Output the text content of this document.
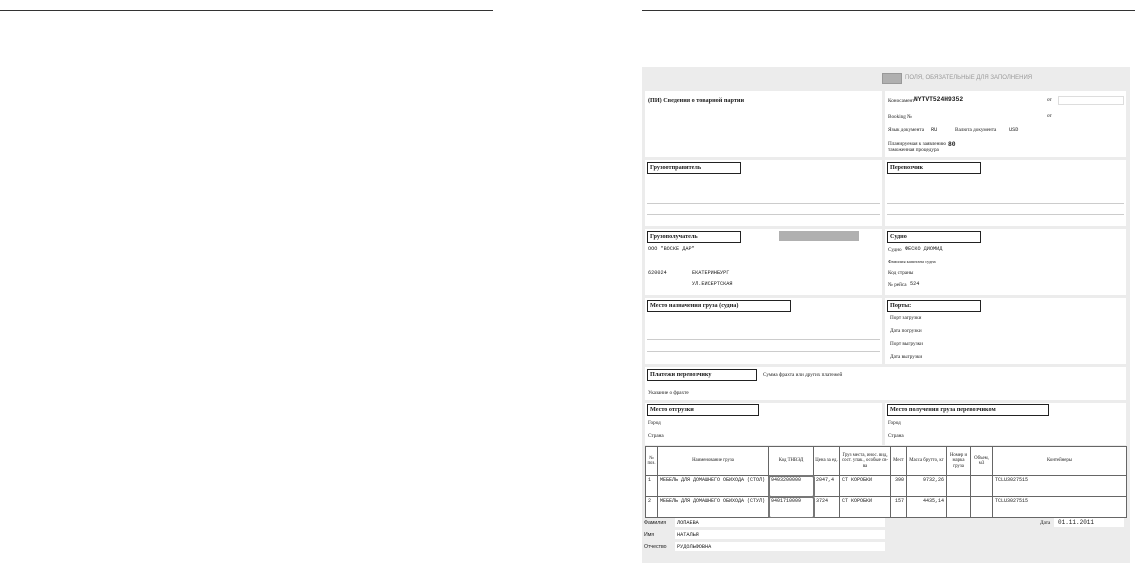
ПОЛЯ, ОБЯЗАТЕЛЬНЫЕ ДЛЯ ЗАПОЛНЕНИЯ
(ПИ) Сведения о товарной партии	Коносамент NYTVT524H9352	от
Booking №	от
Язык документа RU	Валюта документа USD
Планируемая к заявлению
таможенная процедура
80
Грузоотправитель	Перевозчик
Грузополучатель
ООО "ВОСКЕ ДАР"
620024	ЕКАТЕРИНБУРГ
УЛ.ЕИСЕРТСКАЯ
Судно
Судно ФЕСКО ДИОМИД
Фамилия капитана судна
Код страны
№ рейса 524
Место назначения груза (судна)	Порты:
Порт загрузки
Дата погрузки
Порт выгрузки
Дата выгрузки
Платежи перевозчику	Сумма фрахта или других платежей
Указание о фрахте
Место отгрузки
Город
Страна
Место получения груза перевозчиком
Город
Страна
№ поз.	Наименование груза	Код ТНВЭД	Цена за ед.	Груз места, инос. вид, сост. упак., особые св-ва	Мест	Масса брутто, кг	Номер и марка груза	Объем, м3	Контейнеры
1	МЕБЕЛЬ ДЛЯ ДОМАШНЕГО ОБИХОДА (СТОЛ)	9403200000	2047,4	CT КОРОБКИ	390	9732,26			TCLU3027515
2	МЕБЕЛЬ ДЛЯ ДОМАШНЕГО ОБИХОДА (СТУЛ)	9401710009	3724	CT КОРОБКИ	157	4435,14			TCLU3027515
Фамилия ЛОПАЕВА
Имя	НАТАЛЬЯ
Отчество РУДОЛЬФОВНА
Дата 01.11.2011
